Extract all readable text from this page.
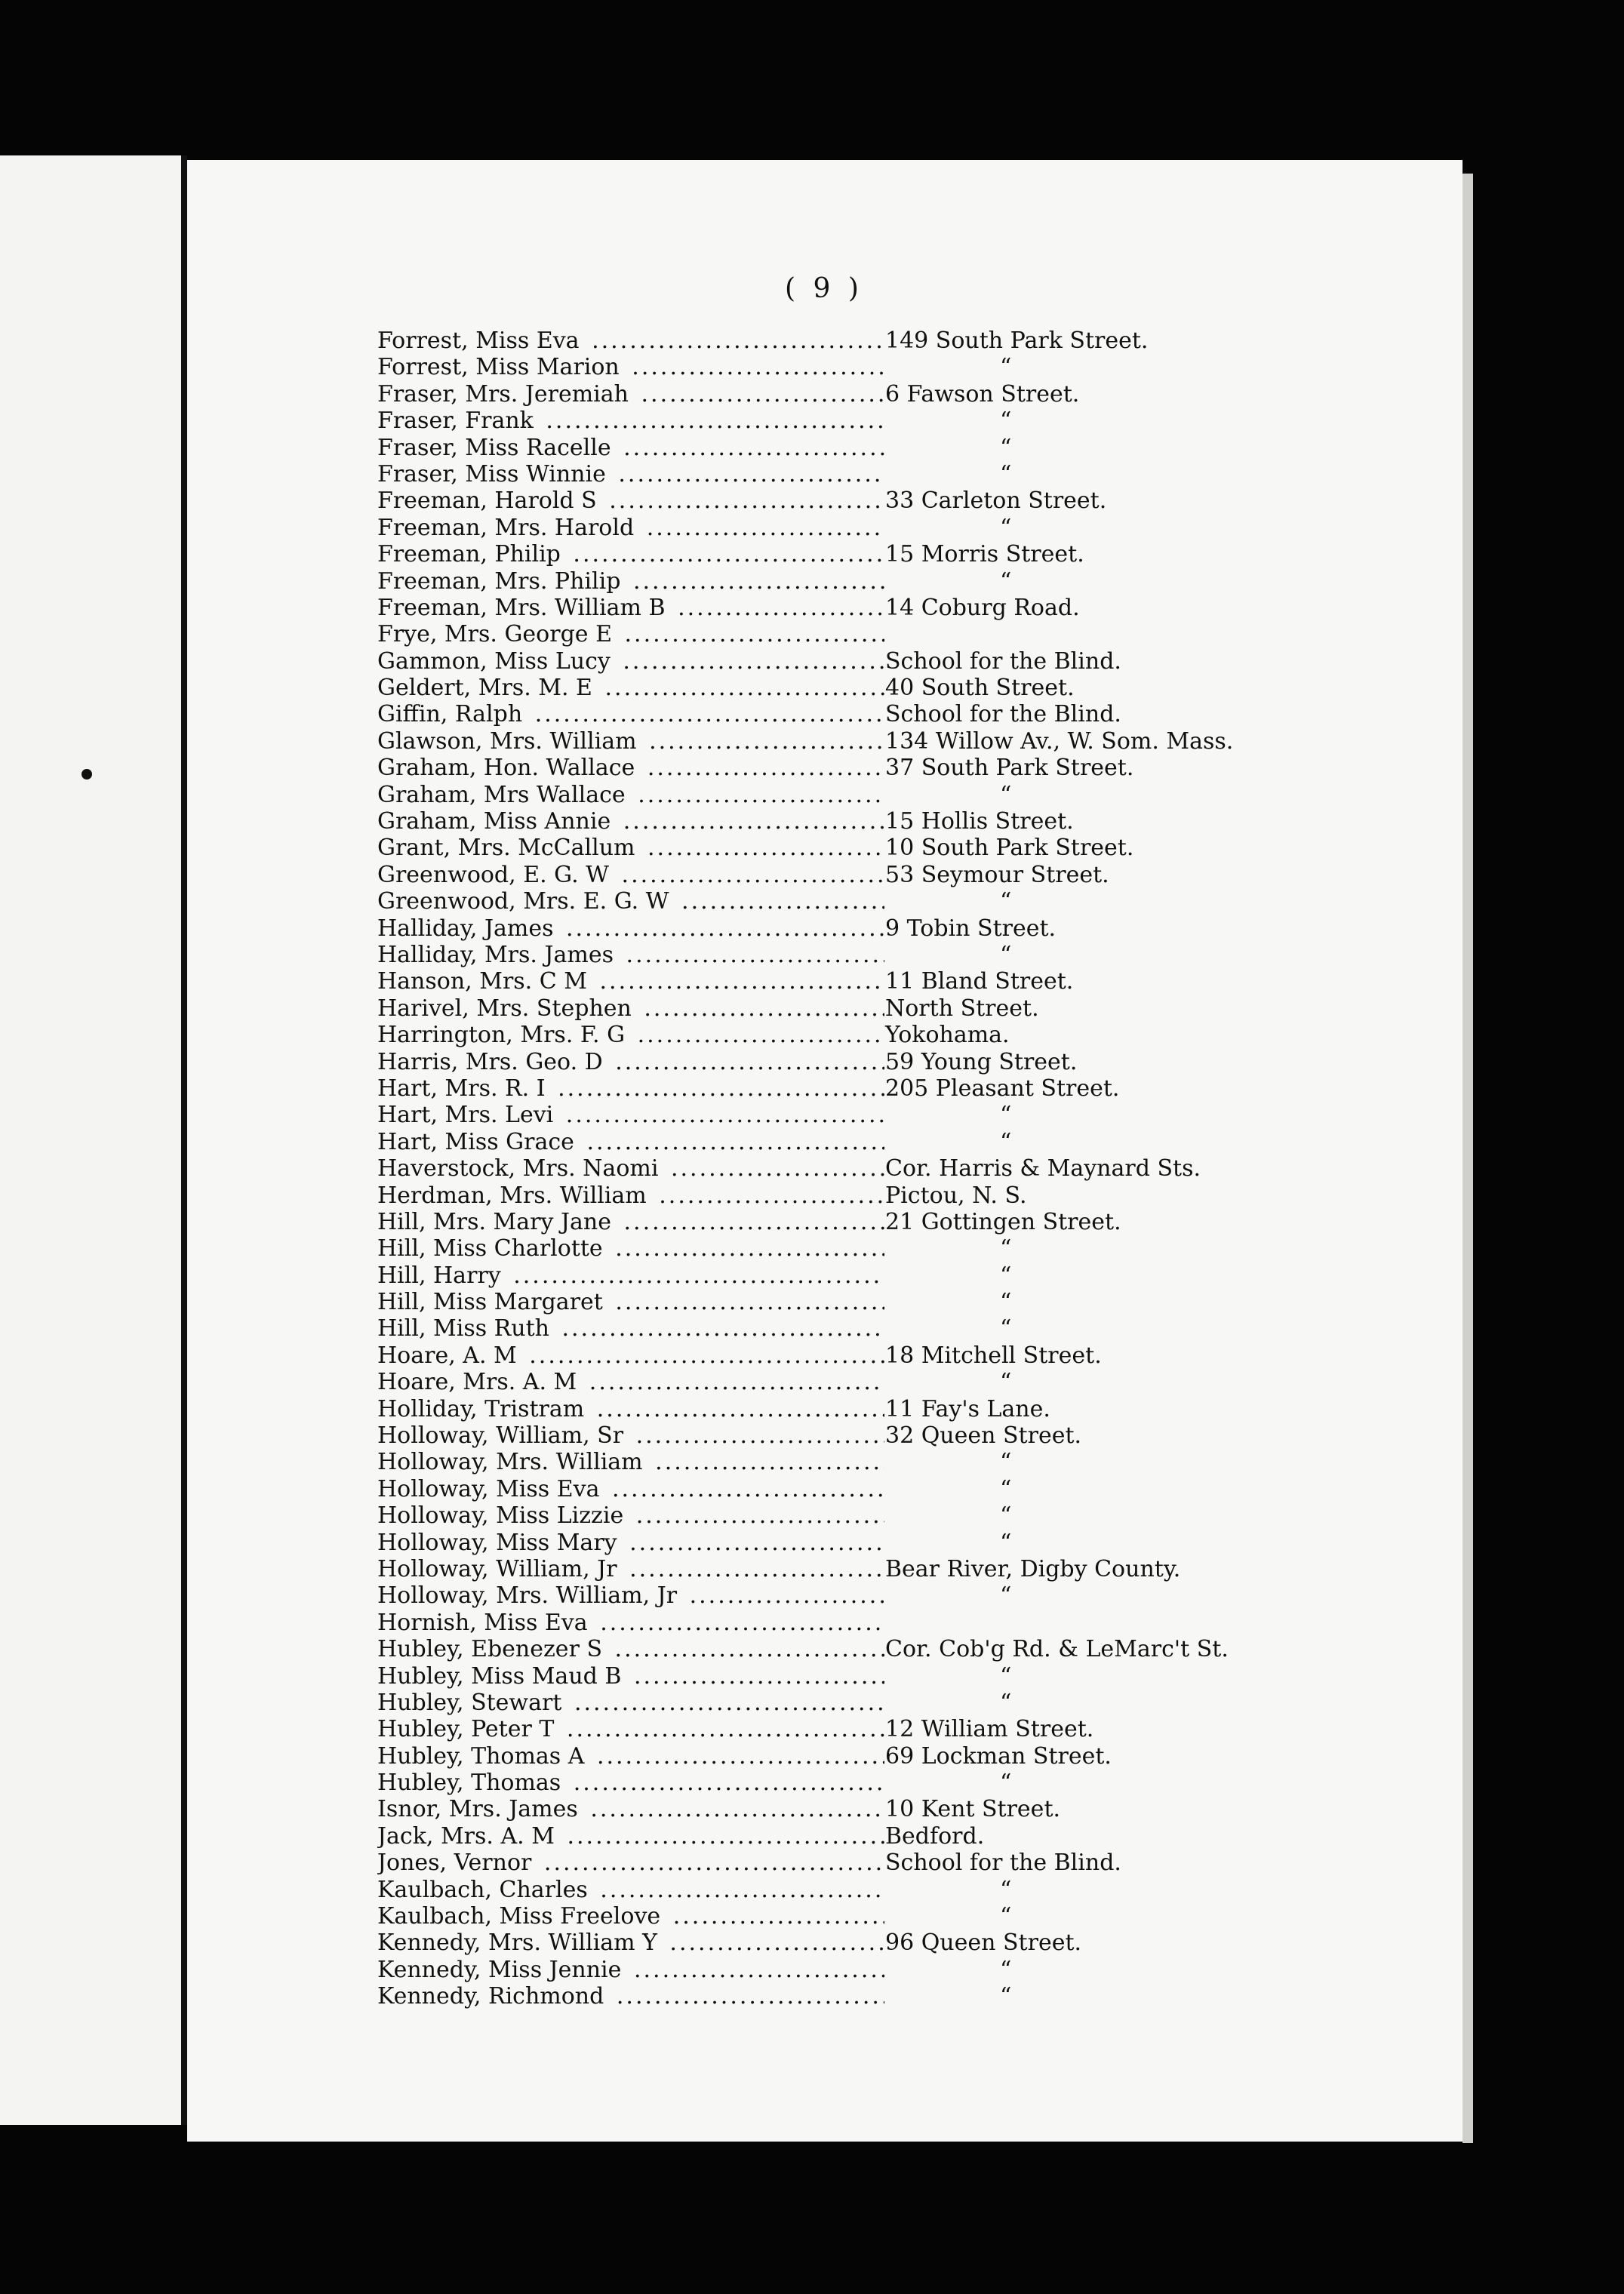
( 9 )
Forrest, Miss Eva .....	149 South Park Street.
Forrest, Miss Marion .....	“
Fraser, Mrs. Jeremiah .....	6 Fawson Street.
Fraser, Frank .....	“
Fraser, Miss Racelle .....	“
Fraser, Miss Winnie .....	“
Freeman, Harold S .....	33 Carleton Street.
Freeman, Mrs. Harold .....	“
Freeman, Philip .....	15 Morris Street.
Freeman, Mrs. Philip .....	“
Freeman, Mrs. William B .....	14 Coburg Road.
Frye, Mrs. George E .....
Gammon, Miss Lucy .....	School for the Blind.
Geldert, Mrs. M. E .....	40 South Street.
Giffin, Ralph .....	School for the Blind.
Glawson, Mrs. William .....	134 Willow Av., W. Som. Mass.
Graham, Hon. Wallace .....	37 South Park Street.
Graham, Mrs Wallace .....	“
Graham, Miss Annie .....	15 Hollis Street.
Grant, Mrs. McCallum .....	10 South Park Street.
Greenwood, E. G. W .....	53 Seymour Street.
Greenwood, Mrs. E. G. W .....	“
Halliday, James .....	9 Tobin Street.
Halliday, Mrs. James .....	“
Hanson, Mrs. C M .....	11 Bland Street.
Harivel, Mrs. Stephen .....	North Street.
Harrington, Mrs. F. G .....	Yokohama.
Harris, Mrs. Geo. D .....	59 Young Street.
Hart, Mrs. R. I .....	205 Pleasant Street.
Hart, Mrs. Levi .....	“
Hart, Miss Grace .....	“
Haverstock, Mrs. Naomi .....	Cor. Harris & Maynard Sts.
Herdman, Mrs. William .....	Pictou, N. S.
Hill, Mrs. Mary Jane .....	21 Gottingen Street.
Hill, Miss Charlotte .....	“
Hill, Harry .....	“
Hill, Miss Margaret .....	“
Hill, Miss Ruth .....	“
Hoare, A. M .....	18 Mitchell Street.
Hoare, Mrs. A. M .....	“
Holliday, Tristram .....	11 Fay's Lane.
Holloway, William, Sr .....	32 Queen Street.
Holloway, Mrs. William .....	“
Holloway, Miss Eva .....	“
Holloway, Miss Lizzie .....	“
Holloway, Miss Mary .....	“
Holloway, William, Jr .....	Bear River, Digby County.
Holloway, Mrs. William, Jr .....	“
Hornish, Miss Eva .....
Hubley, Ebenezer S .....	Cor. Cob'g Rd. & LeMarc't St.
Hubley, Miss Maud B .....	“
Hubley, Stewart .....	“
Hubley, Peter T .....	12 William Street.
Hubley, Thomas A .....	69 Lockman Street.
Hubley, Thomas .....	“
Isnor, Mrs. James .....	10 Kent Street.
Jack, Mrs. A. M .....	Bedford.
Jones, Vernor .....	School for the Blind.
Kaulbach, Charles .....	“
Kaulbach, Miss Freelove .....	“
Kennedy, Mrs. William Y .....	96 Queen Street.
Kennedy, Miss Jennie .....	“
Kennedy, Richmond .....	“
